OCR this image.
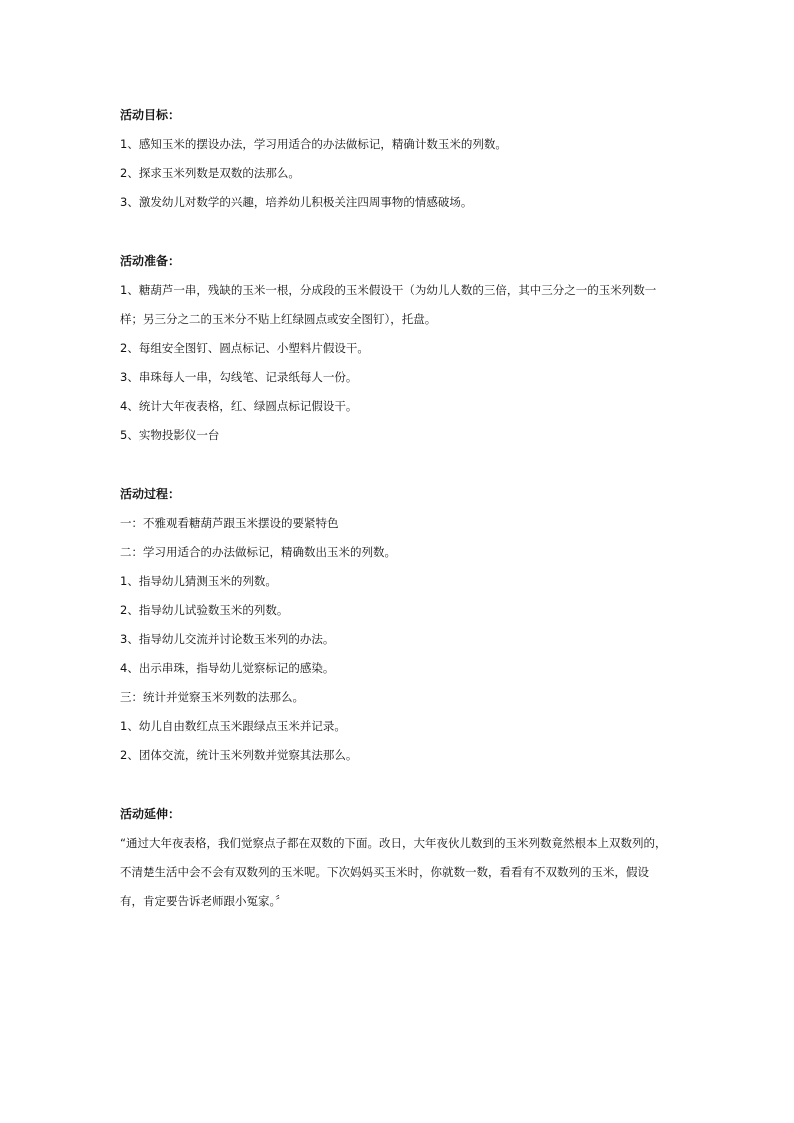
活动目标：
1、感知玉米的摆设办法，学习用适合的办法做标记，精确计数玉米的列数。
2、探求玉米列数是双数的法那么。
3、激发幼儿对数学的兴趣，培养幼儿积极关注四周事物的情感破场。
活动准备：
1、糖葫芦一串，残缺的玉米一根，分成段的玉米假设干（为幼儿人数的三倍，其中三分之一的玉米列数一
样；另三分之二的玉米分不贴上红绿圆点或安全图钉），托盘。
2、每组安全图钉、圆点标记、小塑料片假设干。
3、串珠每人一串，勾线笔、记录纸每人一份。
4、统计大年夜表格，红、绿圆点标记假设干。
5、实物投影仪一台
活动过程：
一：不雅观看糖葫芦跟玉米摆设的要紧特色
二：学习用适合的办法做标记，精确数出玉米的列数。
1、指导幼儿猜测玉米的列数。
2、指导幼儿试验数玉米的列数。
3、指导幼儿交流并讨论数玉米列的办法。
4、出示串珠，指导幼儿觉察标记的感染。
三：统计并觉察玉米列数的法那么。
1、幼儿自由数红点玉米跟绿点玉米并记录。
2、团体交流，统计玉米列数并觉察其法那么。
活动延伸：
“通过大年夜表格，我们觉察点子都在双数的下面。改日，大年夜伙儿数到的玉米列数竟然根本上双数列的，
不清楚生活中会不会有双数列的玉米呢。下次妈妈买玉米时，你就数一数，看看有不双数列的玉米，假设
有，肯定要告诉老师跟小冤家。〞
